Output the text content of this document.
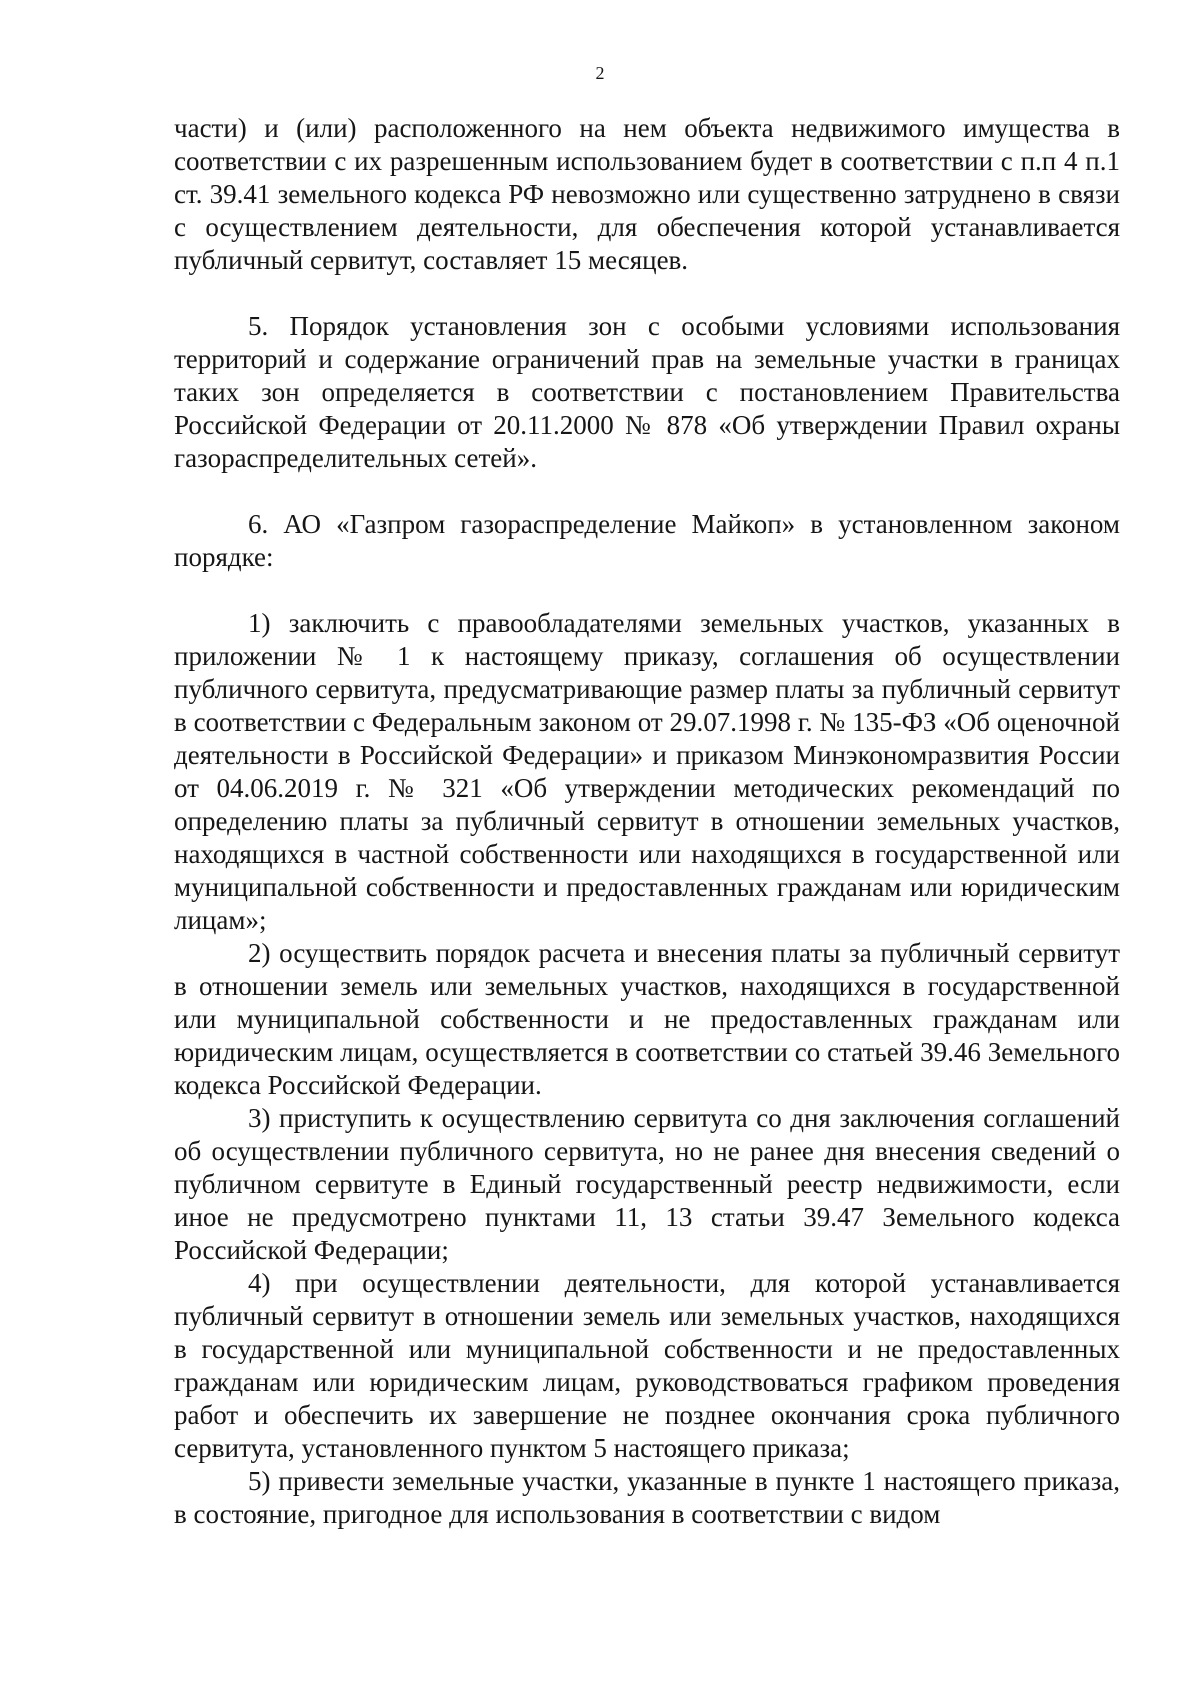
2

части) и (или) расположенного на нем объекта недвижимого имущества в соответствии с их разрешенным использованием будет в соответствии с п.п 4 п.1 ст. 39.41 земельного кодекса РФ невозможно или существенно затруднено в связи с осуществлением деятельности, для обеспечения которой устанавливается публичный сервитут, составляет 15 месяцев.

5. Порядок установления зон с особыми условиями использования территорий и содержание ограничений прав на земельные участки в границах таких зон определяется в соответствии с постановлением Правительства Российской Федерации от 20.11.2000 № 878 «Об утверждении Правил охраны газораспределительных сетей».

6. АО «Газпром газораспределение Майкоп» в установленном законом порядке:

1) заключить с правообладателями земельных участков, указанных в приложении № 1 к настоящему приказу, соглашения об осуществлении публичного сервитута, предусматривающие размер платы за публичный сервитут в соответствии с Федеральным законом от 29.07.1998 г. № 135-ФЗ «Об оценочной деятельности в Российской Федерации» и приказом Минэкономразвития России от 04.06.2019 г. № 321 «Об утверждении методических рекомендаций по определению платы за публичный сервитут в отношении земельных участков, находящихся в частной собственности или находящихся в государственной или муниципальной собственности и предоставленных гражданам или юридическим лицам»;

2) осуществить порядок расчета и внесения платы за публичный сервитут в отношении земель или земельных участков, находящихся в государственной или муниципальной собственности и не предоставленных гражданам или юридическим лицам, осуществляется в соответствии со статьей 39.46 Земельного кодекса Российской Федерации.

3) приступить к осуществлению сервитута со дня заключения соглашений об осуществлении публичного сервитута, но не ранее дня внесения сведений о публичном сервитуте в Единый государственный реестр недвижимости, если иное не предусмотрено пунктами 11, 13 статьи 39.47 Земельного кодекса Российской Федерации;

4) при осуществлении деятельности, для которой устанавливается публичный сервитут в отношении земель или земельных участков, находящихся в государственной или муниципальной собственности и не предоставленных гражданам или юридическим лицам, руководствоваться графиком проведения работ и обеспечить их завершение не позднее окончания срока публичного сервитута, установленного пунктом 5 настоящего приказа;

5) привести земельные участки, указанные в пункте 1 настоящего приказа, в состояние, пригодное для использования в соответствии с видом
